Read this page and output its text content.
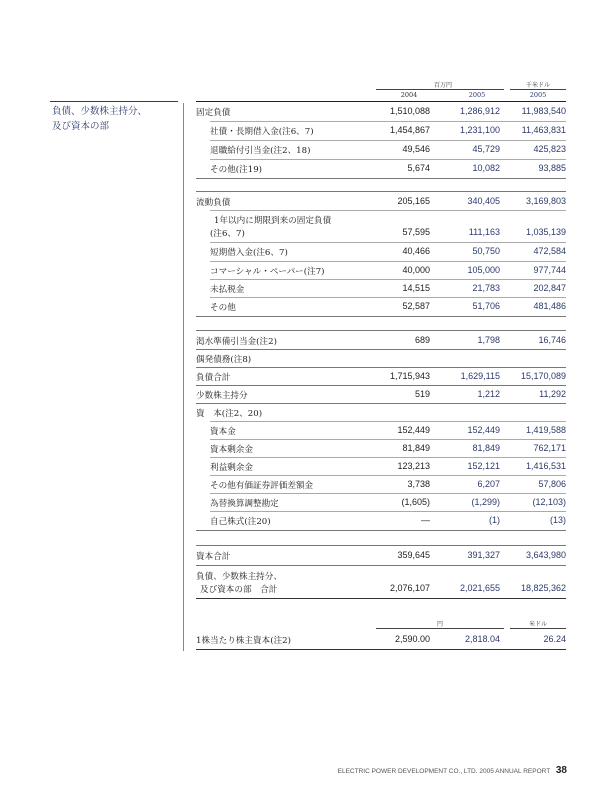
負債、少数株主持分、
及び資本の部
百万円	千米ドル
2004	2005	2005
固定負債	1,510,088	1,286,912	11,983,540
社債・長期借入金(注6、7)	1,454,867	1,231,100	11,463,831
退職給付引当金(注2、18)	49,546	45,729	425,823
その他(注19)	5,674	10,082	93,885
流動負債	205,165	340,405	3,169,803
1年以内に期限到来の固定負債
(注6、7)	57,595	111,163	1,035,139
短期借入金(注6、7)	40,466	50,750	472,584
コマーシャル・ペーパー(注7)	40,000	105,000	977,744
未払税金	14,515	21,783	202,847
その他	52,587	51,706	481,486
渇水準備引当金(注2)	689	1,798	16,746
偶発債務(注8)
負債合計	1,715,943	1,629,115	15,170,089
少数株主持分	519	1,212	11,292
資　本(注2、20)
資本金	152,449	152,449	1,419,588
資本剰余金	81,849	81,849	762,171
利益剰余金	123,213	152,121	1,416,531
その他有価証券評価差額金	3,738	6,207	57,806
為替換算調整勘定	(1,605)	(1,299)	(12,103)
自己株式(注20)	—	(1)	(13)
資本合計	359,645	391,327	3,643,980
負債、少数株主持分、
及び資本の部　合計	2,076,107	2,021,655	18,825,362
円	米ドル
1株当たり株主資本(注2)	2,590.00	2,818.04	26.24
ELECTRIC POWER DEVELOPMENT CO., LTD. 2005 ANNUAL REPORT 38
